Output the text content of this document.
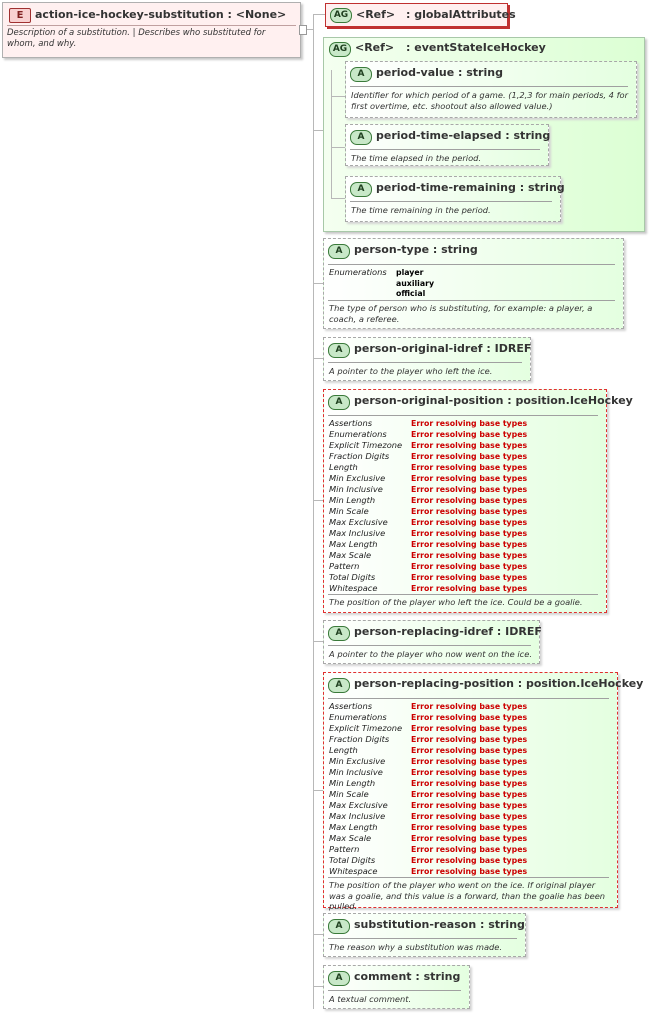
E	action-ice-hockey-substitution : <None>
Description of a substitution. | Describes who substituted for whom, and why.
AG <Ref> : globalAttributes
AG <Ref> : eventStateIceHockey
A	period-value : string
Identifier for which period of a game. (1,2,3 for main periods, 4 for first overtime, etc. shootout also allowed value.)
A	period-time-elapsed : string
The time elapsed in the period.
A	period-time-remaining : string
The time remaining in the period.
A	person-type : string
Enumerations	player
auxiliary
official
The type of person who is substituting, for example: a player, a coach, a referee.
A	person-original-idref : IDREF
A pointer to the player who left the ice.
A	person-original-position : position.IceHockey
Assertions	Error resolving base types
Enumerations	Error resolving base types
Explicit Timezone	Error resolving base types
Fraction Digits	Error resolving base types
Length	Error resolving base types
Min Exclusive	Error resolving base types
Min Inclusive	Error resolving base types
Min Length	Error resolving base types
Min Scale	Error resolving base types
Max Exclusive	Error resolving base types
Max Inclusive	Error resolving base types
Max Length	Error resolving base types
Max Scale	Error resolving base types
Pattern	Error resolving base types
Total Digits	Error resolving base types
Whitespace	Error resolving base types
The position of the player who left the ice. Could be a goalie.
A	person-replacing-idref : IDREF
A pointer to the player who now went on the ice.
A	person-replacing-position : position.IceHockey
Assertions	Error resolving base types
Enumerations	Error resolving base types
Explicit Timezone	Error resolving base types
Fraction Digits	Error resolving base types
Length	Error resolving base types
Min Exclusive	Error resolving base types
Min Inclusive	Error resolving base types
Min Length	Error resolving base types
Min Scale	Error resolving base types
Max Exclusive	Error resolving base types
Max Inclusive	Error resolving base types
Max Length	Error resolving base types
Max Scale	Error resolving base types
Pattern	Error resolving base types
Total Digits	Error resolving base types
Whitespace	Error resolving base types
The position of the player who went on the ice. If original player was a goalie, and this value is a forward, than the goalie has been pulled.
A	substitution-reason : string
The reason why a substitution was made.
A	comment : string
A textual comment.
